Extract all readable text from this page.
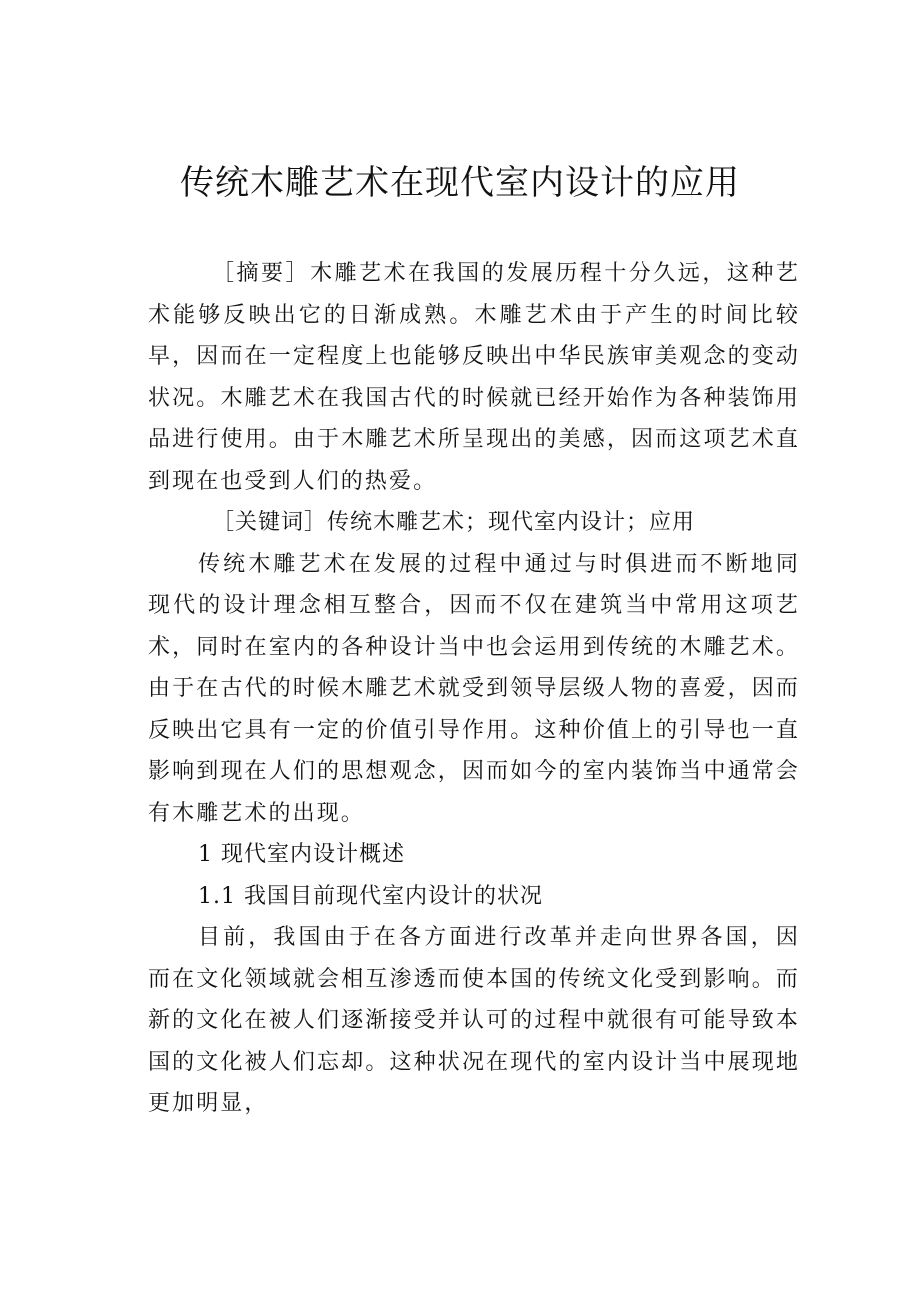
传统木雕艺术在现代室内设计的应用

［摘要］木雕艺术在我国的发展历程十分久远，这种艺术能够反映出它的日渐成熟。木雕艺术由于产生的时间比较早，因而在一定程度上也能够反映出中华民族审美观念的变动状况。木雕艺术在我国古代的时候就已经开始作为各种装饰用品进行使用。由于木雕艺术所呈现出的美感，因而这项艺术直到现在也受到人们的热爱。

［关键词］传统木雕艺术；现代室内设计；应用

传统木雕艺术在发展的过程中通过与时俱进而不断地同现代的设计理念相互整合，因而不仅在建筑当中常用这项艺术，同时在室内的各种设计当中也会运用到传统的木雕艺术。由于在古代的时候木雕艺术就受到领导层级人物的喜爱，因而反映出它具有一定的价值引导作用。这种价值上的引导也一直影响到现在人们的思想观念，因而如今的室内装饰当中通常会有木雕艺术的出现。

1 现代室内设计概述

1.1 我国目前现代室内设计的状况

目前，我国由于在各方面进行改革并走向世界各国，因而在文化领域就会相互渗透而使本国的传统文化受到影响。而新的文化在被人们逐渐接受并认可的过程中就很有可能导致本国的文化被人们忘却。这种状况在现代的室内设计当中展现地更加明显，
